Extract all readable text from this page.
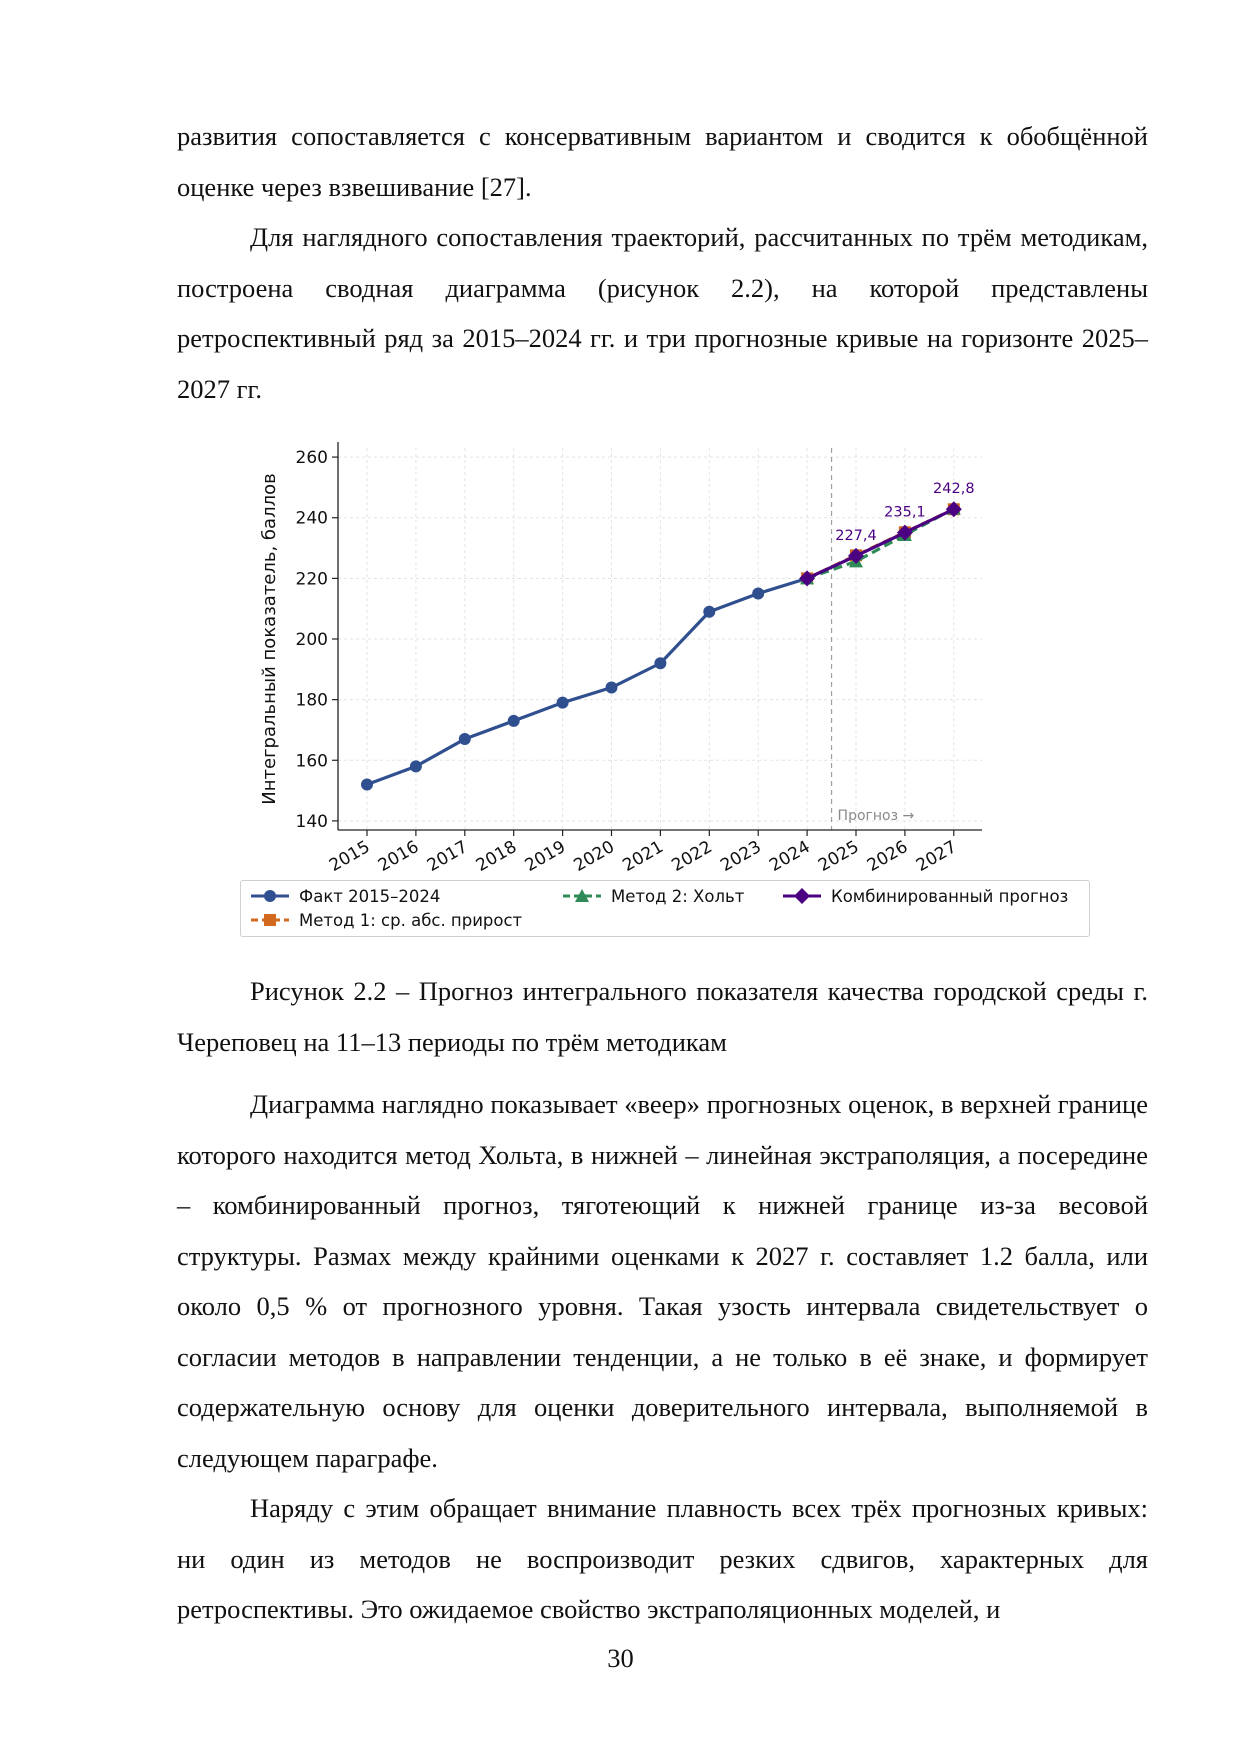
развития сопоставляется с консервативным вариантом и сводится к обобщённой оценке через взвешивание [27].

Для наглядного сопоставления траекторий, рассчитанных по трём методикам, построена сводная диаграмма (рисунок 2.2), на которой представлены ретроспективный ряд за 2015–2024 гг. и три прогнозные кривые на горизонте 2025–2027 гг.

Прогноз →
140
160
180
200
220
240
260
2015 2016 2017 2018 2019 2020 2021 2022 2023 2024 2025 2026 2027
Интегральный показатель, баллов	227,4
235,1
242,8
Факт 2015–2024
Метод 1: ср. абс. прирост
Метод 2: Хольт	Комбинированный прогноз

Рисунок 2.2 – Прогноз интегрального показателя качества городской среды г. Череповец на 11–13 периоды по трём методикам

Диаграмма наглядно показывает «веер» прогнозных оценок, в верхней границе которого находится метод Хольта, в нижней – линейная экстраполяция, а посередине – комбинированный прогноз, тяготеющий к нижней границе из-за весовой структуры. Размах между крайними оценками к 2027 г. составляет 1.2 балла, или около 0,5 % от прогнозного уровня. Такая узость интервала свидетельствует о согласии методов в направлении тенденции, а не только в её знаке, и формирует содержательную основу для оценки доверительного интервала, выполняемой в следующем параграфе.

Наряду с этим обращает внимание плавность всех трёх прогнозных кривых: ни один из методов не воспроизводит резких сдвигов, характерных для ретроспективы. Это ожидаемое свойство экстраполяционных моделей, и

30
